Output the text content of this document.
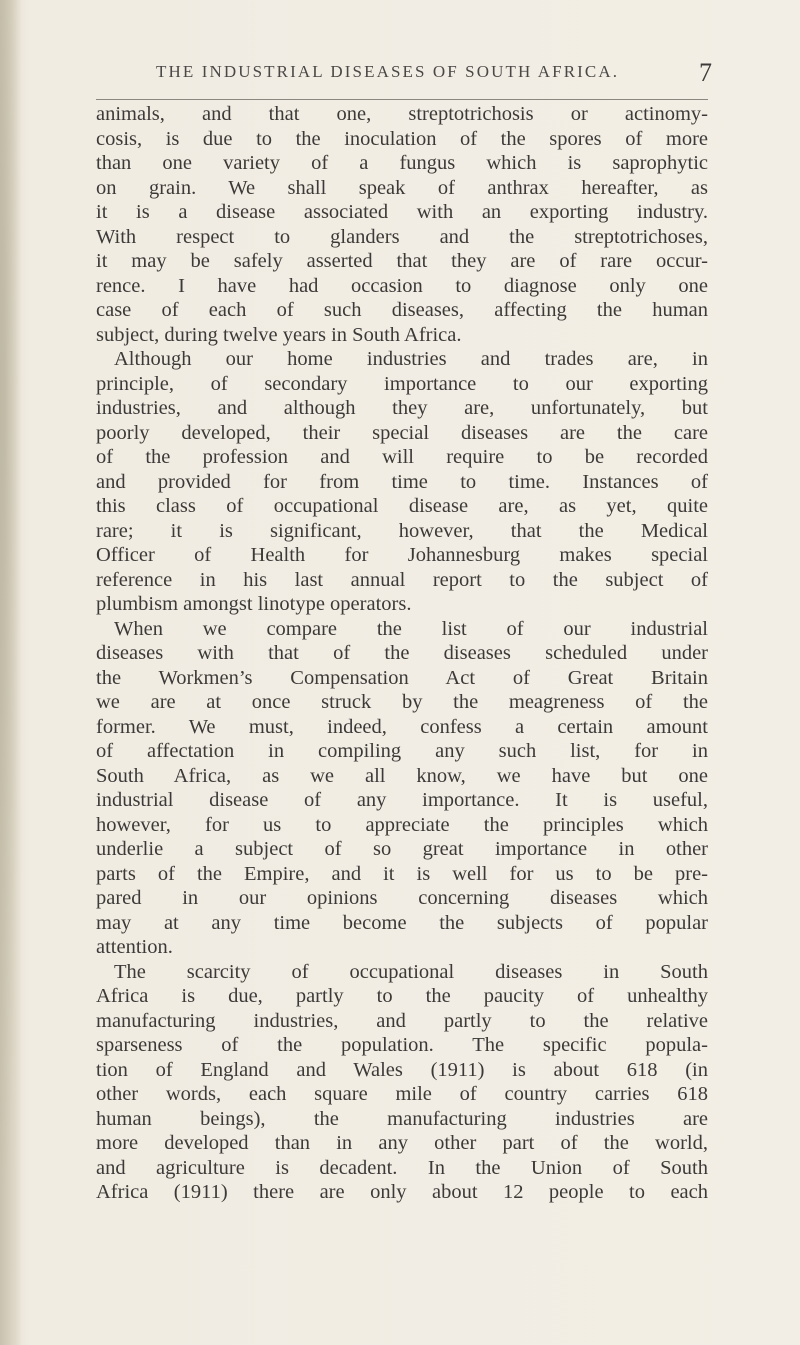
THE INDUSTRIAL DISEASES OF SOUTH AFRICA.	7
animals, and that one, streptotrichosis or actinomy-
cosis, is due to the inoculation of the spores of more
than one variety of a fungus which is saprophytic
on grain. We shall speak of anthrax hereafter, as
it is a disease associated with an exporting industry.
With respect to glanders and the streptotrichoses,
it may be safely asserted that they are of rare occur-
rence. I have had occasion to diagnose only one
case of each of such diseases, affecting the human
subject, during twelve years in South Africa.
Although our home industries and trades are, in
principle, of secondary importance to our exporting
industries, and although they are, unfortunately, but
poorly developed, their special diseases are the care
of the profession and will require to be recorded
and provided for from time to time. Instances of
this class of occupational disease are, as yet, quite
rare; it is significant, however, that the Medical
Officer of Health for Johannesburg makes special
reference in his last annual report to the subject of
plumbism amongst linotype operators.
When we compare the list of our industrial
diseases with that of the diseases scheduled under
the Workmen’s Compensation Act of Great Britain
we are at once struck by the meagreness of the
former. We must, indeed, confess a certain amount
of affectation in compiling any such list, for in
South Africa, as we all know, we have but one
industrial disease of any importance. It is useful,
however, for us to appreciate the principles which
underlie a subject of so great importance in other
parts of the Empire, and it is well for us to be pre-
pared in our opinions concerning diseases which
may at any time become the subjects of popular
attention.
The scarcity of occupational diseases in South
Africa is due, partly to the paucity of unhealthy
manufacturing industries, and partly to the relative
sparseness of the population. The specific popula-
tion of England and Wales (1911) is about 618 (in
other words, each square mile of country carries 618
human beings), the manufacturing industries are
more developed than in any other part of the world,
and agriculture is decadent. In the Union of South
Africa (1911) there are only about 12 people to each
